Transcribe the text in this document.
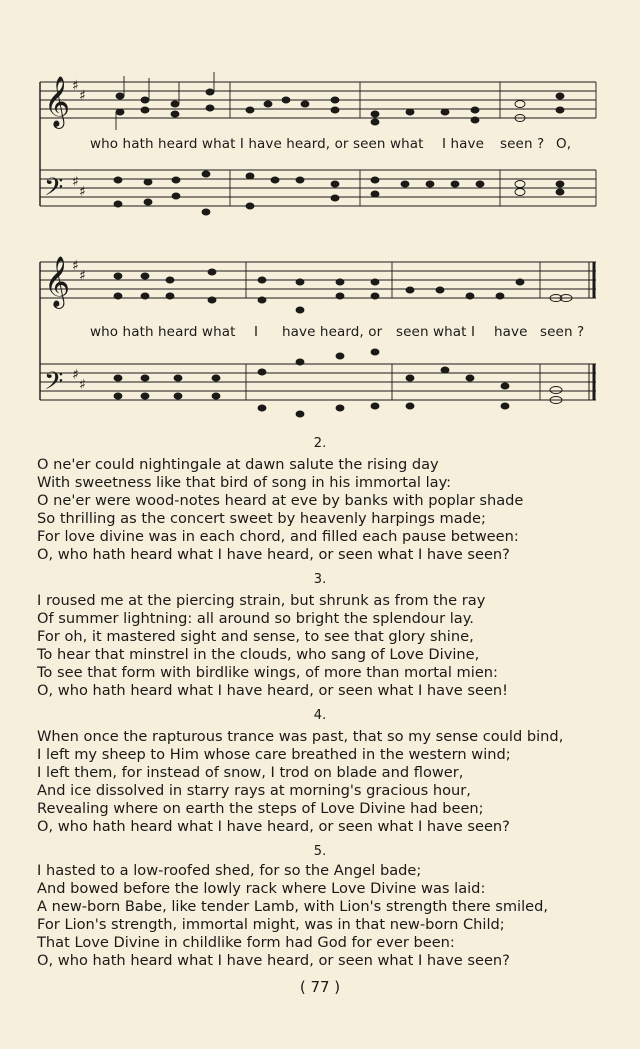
𝄞
𝄞
𝄢
𝄢
♯
♯
♯
♯
♯
♯
♯
♯
who hath heard what I have heard, or seen what I have seen ? O,
who hath heard what I have heard, or seen what I have seen ?
2.
O ne'er could nightingale at dawn salute the rising day
With sweetness like that bird of song in his immortal lay:
O ne'er were wood-notes heard at eve by banks with poplar shade
So thrilling as the concert sweet by heavenly harpings made;
For love divine was in each chord, and filled each pause between:
O, who hath heard what I have heard, or seen what I have seen?
3.
I roused me at the piercing strain, but shrunk as from the ray
Of summer lightning: all around so bright the splendour lay.
For oh, it mastered sight and sense, to see that glory shine,
To hear that minstrel in the clouds, who sang of Love Divine,
To see that form with birdlike wings, of more than mortal mien:
O, who hath heard what I have heard, or seen what I have seen!
4.
When once the rapturous trance was past, that so my sense could bind,
I left my sheep to Him whose care breathed in the western wind;
I left them, for instead of snow, I trod on blade and flower,
And ice dissolved in starry rays at morning's gracious hour,
Revealing where on earth the steps of Love Divine had been;
O, who hath heard what I have heard, or seen what I have seen?
5.
I hasted to a low-roofed shed, for so the Angel bade;
And bowed before the lowly rack where Love Divine was laid:
A new-born Babe, like tender Lamb, with Lion's strength there smiled,
For Lion's strength, immortal might, was in that new-born Child;
That Love Divine in childlike form had God for ever been:
O, who hath heard what I have heard, or seen what I have seen?
( 77 )
